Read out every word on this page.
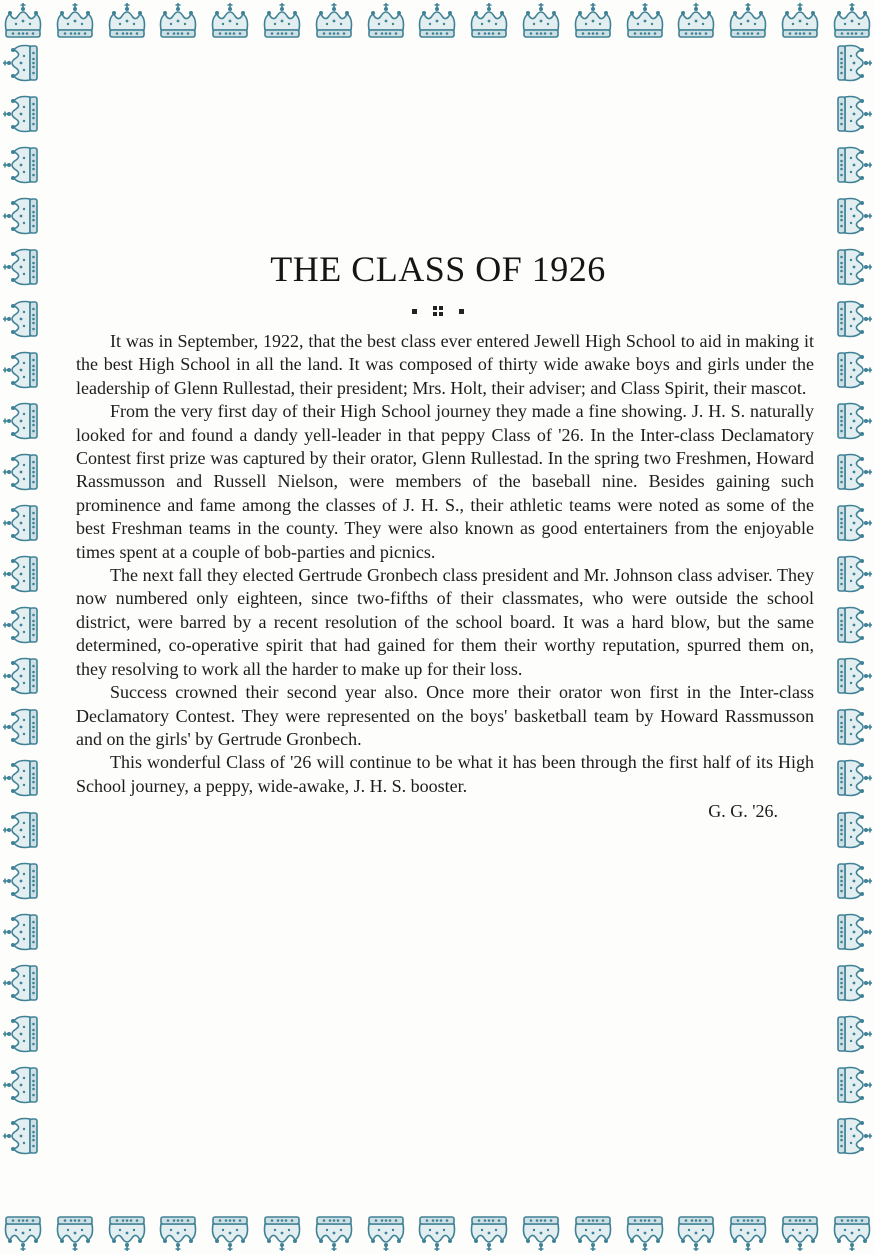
THE CLASS OF 1926

It was in September, 1922, that the best class ever entered Jewell High School to aid in making it the best High School in all the land. It was composed of thirty wide awake boys and girls under the leadership of Glenn Rullestad, their president; Mrs. Holt, their adviser; and Class Spirit, their mascot.

From the very first day of their High School journey they made a fine showing. J. H. S. naturally looked for and found a dandy yell-leader in that peppy Class of '26. In the Inter-class Declamatory Contest first prize was captured by their orator, Glenn Rullestad. In the spring two Freshmen, Howard Rassmusson and Russell Nielson, were members of the baseball nine. Besides gaining such prominence and fame among the classes of J. H. S., their athletic teams were noted as some of the best Freshman teams in the county. They were also known as good entertainers from the enjoyable times spent at a couple of bob-parties and picnics.

The next fall they elected Gertrude Gronbech class president and Mr. Johnson class adviser. They now numbered only eighteen, since two-fifths of their classmates, who were outside the school district, were barred by a recent resolution of the school board. It was a hard blow, but the same determined, co-operative spirit that had gained for them their worthy reputation, spurred them on, they resolving to work all the harder to make up for their loss.

Success crowned their second year also. Once more their orator won first in the Inter-class Declamatory Contest. They were represented on the boys' basketball team by Howard Rassmusson and on the girls' by Gertrude Gronbech.

This wonderful Class of '26 will continue to be what it has been through the first half of its High School journey, a peppy, wide-awake, J. H. S. booster.

G. G. '26.
